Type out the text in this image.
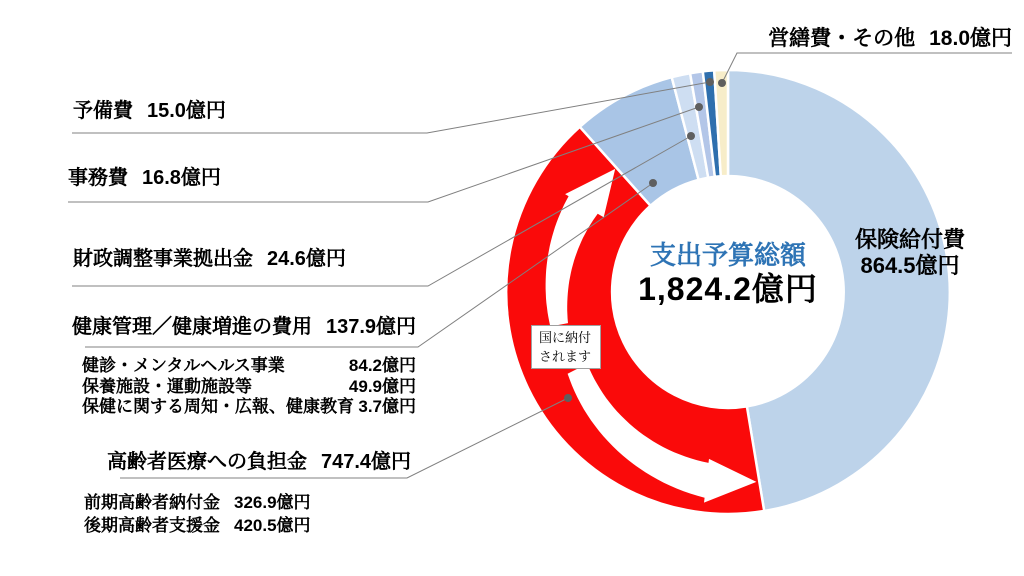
営繕費・その他 18.0億円
予備費 15.0億円
事務費 16.8億円
財政調整事業拠出金 24.6億円
健康管理／健康増進の費用 137.9億円
健診・メンタルヘルス事業	84.2億円
保養施設・運動施設等	49.9億円
保健に関する周知・広報、健康教育 3.7億円
高齢者医療への負担金 747.4億円
前期高齢者納付金 326.9億円
後期高齢者支援金 420.5億円
支出予算総額
1,824.2億円
保険給付費
864.5億円
国に納付
されます
